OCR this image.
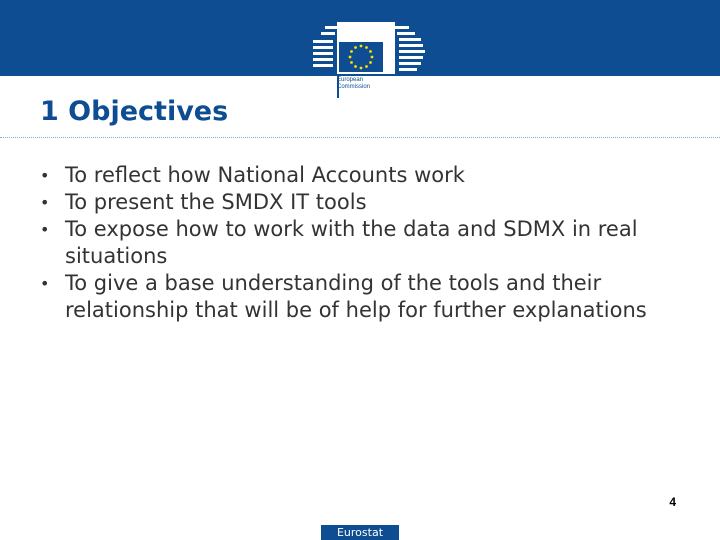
European
Commission
1 Objectives
• To reflect how National Accounts work
• To present the SMDX IT tools
• To expose how to work with the data and SDMX in real situations
• To give a base understanding of the tools and their relationship that will be of help for further explanations
4
Eurostat
